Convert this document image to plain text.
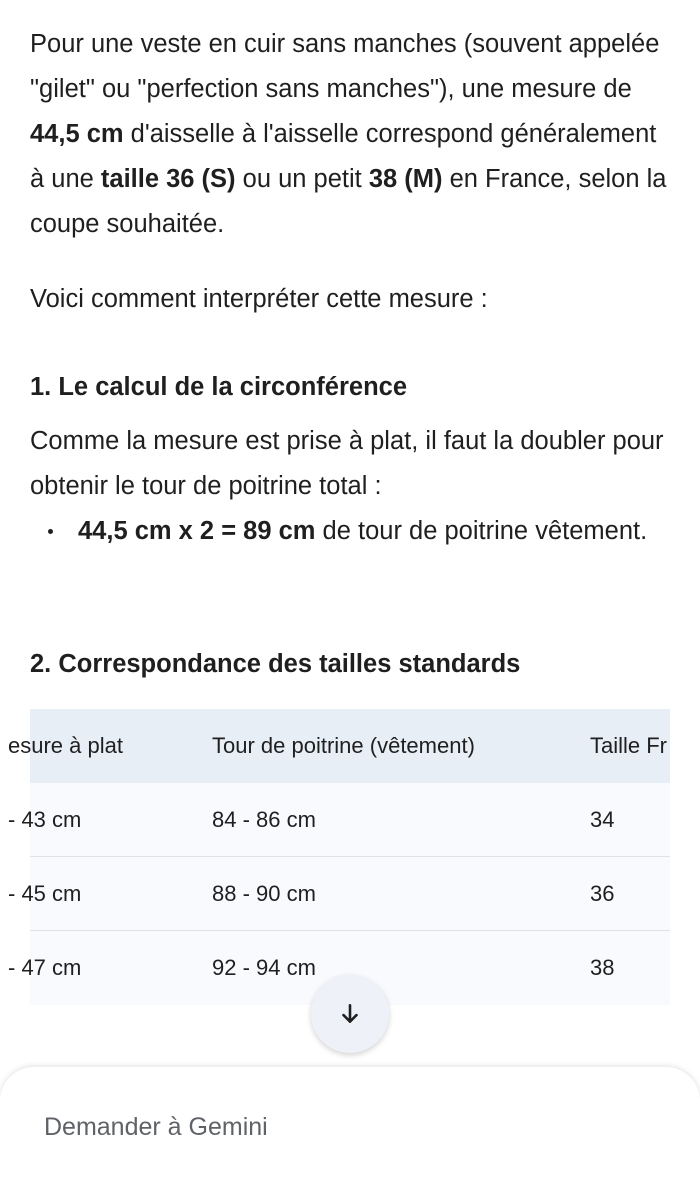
Pour une veste en cuir sans manches (souvent appelée "gilet" ou "perfection sans manches"), une mesure de 44,5 cm d'aisselle à l'aisselle correspond généralement à une taille 36 (S) ou un petit 38 (M) en France, selon la coupe souhaitée.

Voici comment interpréter cette mesure :

1. Le calcul de la circonférence

Comme la mesure est prise à plat, il faut la doubler pour obtenir le tour de poitrine total :

44,5 cm x 2 = 89 cm de tour de poitrine vêtement.

2. Correspondance des tailles standards
esure à plat	Tour de poitrine (vêtement)	Taille Fr
- 43 cm	84 - 86 cm	34
- 45 cm	88 - 90 cm	36
- 47 cm	92 - 94 cm	38
Demander à Gemini
